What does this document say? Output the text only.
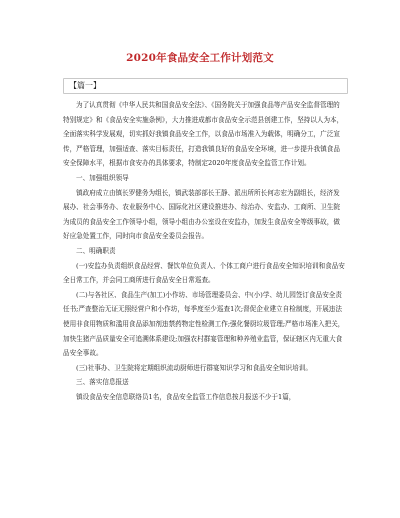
2020年食品安全工作计划范文
【篇一】

为了认真贯彻《中华人民共和国食品安全法》、《国务院关于加强食品等产品安全监督管理的特别规定》和《食品安全实施条例》，大力推进成都市食品安全示范县创建工作，坚持以人为本，全面落实科学发展观，切实抓好我镇食品安全工作，以食品市场准入为载体，明确分工，广泛宣传，严格管理，加强适查、落实目标责任，打造我镇良好的食品安全环境，进一步提升我镇食品安全保障水平，根据市食安办的具体要求，特制定2020年度食品安全监管工作计划。

一、加强组织领导

镇政府成立由镇长罗健务为组长，镇武装部部长王静、派出所所长何志宏为副组长，经济发展办、社会事务办、农业服务中心、国际化社区建设推进办、综治办、安监办、工商所、卫生院为成员的食品安全工作领导小组，领导小组由办公室设在安监办，加发生食品安全等级事故，做好应急处置工作，同时向市食品安全委员会报告。

二、明确职责

(一)安监办负责组织食品经营、餐饮单位负责人、个体工商户进行食品安全知识培训和食品安全日常工作，并会同工商所进行食品安全日常巡查。

(二)与各社区、食品生产(加工)小作坊、市场管理委员会、中(小)学、幼儿园签订食品安全责任书;严查整治无证无照经营户和小作坊，每季度至少巡查1次;督促企业建立自检制度，开展违法使用非食用物质和滥用食品添加剂违禁药物定性检测工作;强化餐厨垃圾管理;严格市场准入把关，加快生猪产品质量安全可追溯体系建设;加强农村群宴管理和种养殖业监管，保证辖区内无重大食品安全事故。

(三)社事办、卫生院将定期组织流动厨师进行群宴知识学习和食品安全知识培训。

三、落实信息报送

镇设食品安全信息联络员1名，食品安全监管工作信息按月报送不少于1篇，
